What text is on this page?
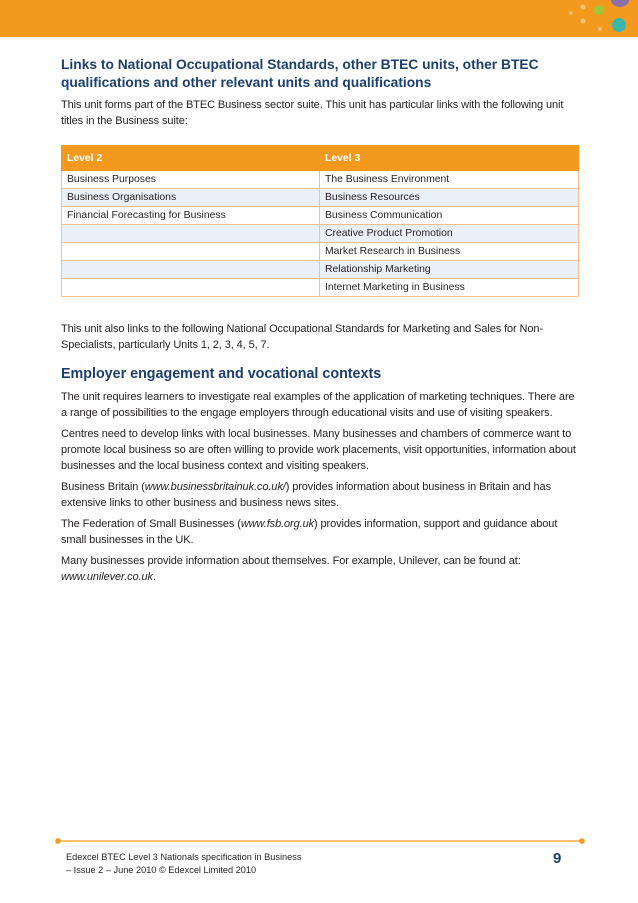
Links to National Occupational Standards, other BTEC units, other BTEC qualifications and other relevant units and qualifications

This unit forms part of the BTEC Business sector suite. This unit has particular links with the following unit titles in the Business suite:

Level 2	Level 3
Business Purposes	The Business Environment
Business Organisations	Business Resources
Financial Forecasting for Business	Business Communication
	Creative Product Promotion
	Market Research in Business
	Relationship Marketing
	Internet Marketing in Business

This unit also links to the following National Occupational Standards for Marketing and Sales for Non-Specialists, particularly Units 1, 2, 3, 4, 5, 7.

Employer engagement and vocational contexts

The unit requires learners to investigate real examples of the application of marketing techniques. There are a range of possibilities to the engage employers through educational visits and use of visiting speakers.

Centres need to develop links with local businesses. Many businesses and chambers of commerce want to promote local business so are often willing to provide work placements, visit opportunities, information about businesses and the local business context and visiting speakers.

Business Britain (www.businessbritainuk.co.uk/) provides information about business in Britain and has extensive links to other business and business news sites.

The Federation of Small Businesses (www.fsb.org.uk) provides information, support and guidance about small businesses in the UK.

Many businesses provide information about themselves. For example, Unilever, can be found at: www.unilever.co.uk.

Edexcel BTEC Level 3 Nationals specification in Business
– Issue 2 – June 2010 © Edexcel Limited 2010
9
